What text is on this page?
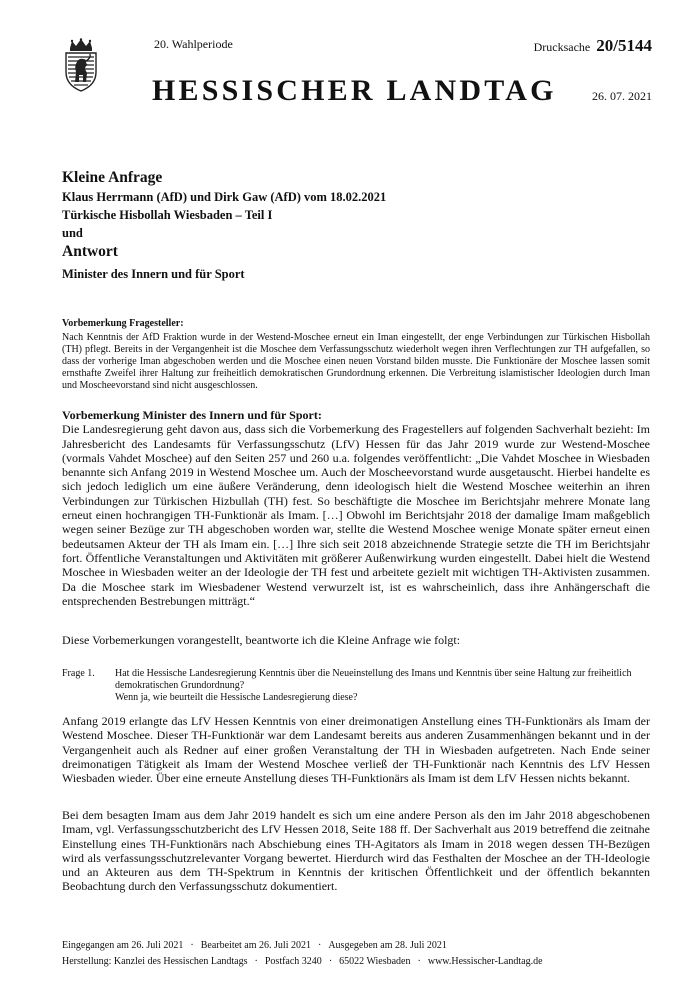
20. Wahlperiode
HESSISCHER LANDTAG
Drucksache 20/5144
26. 07. 2021
Kleine Anfrage
Klaus Herrmann (AfD) und Dirk Gaw (AfD) vom 18.02.2021
Türkische Hisbollah Wiesbaden – Teil I
und
Antwort
Minister des Innern und für Sport
Vorbemerkung Fragesteller:
Nach Kenntnis der AfD Fraktion wurde in der Westend-Moschee erneut ein Iman eingestellt, der enge Verbindungen zur Türkischen Hisbollah (TH) pflegt. Bereits in der Vergangenheit ist die Moschee dem Verfassungsschutz wiederholt wegen ihren Verflechtungen zur TH aufgefallen, so dass der vorherige Iman abgeschoben werden und die Moschee einen neuen Vorstand bilden musste. Die Funktionäre der Moschee lassen somit ernsthafte Zweifel ihrer Haltung zur freiheitlich demokratischen Grundordnung erkennen. Die Verbreitung islamistischer Ideologien durch Iman und Moscheevorstand sind nicht ausgeschlossen.
Vorbemerkung Minister des Innern und für Sport:
Die Landesregierung geht davon aus, dass sich die Vorbemerkung des Fragestellers auf folgenden Sachverhalt bezieht: Im Jahresbericht des Landesamts für Verfassungsschutz (LfV) Hessen für das Jahr 2019 wurde zur Westend-Moschee (vormals Vahdet Moschee) auf den Seiten 257 und 260 u.a. folgendes veröffentlicht: „Die Vahdet Moschee in Wiesbaden benannte sich Anfang 2019 in Westend Moschee um. Auch der Moscheevorstand wurde ausgetauscht. Hierbei handelte es sich jedoch lediglich um eine äußere Veränderung, denn ideologisch hielt die Westend Moschee weiterhin an ihren Verbindungen zur Türkischen Hizbullah (TH) fest. So beschäftigte die Moschee im Berichtsjahr mehrere Monate lang erneut einen hochrangigen TH-Funktionär als Imam. […] Obwohl im Berichtsjahr 2018 der damalige Imam maßgeblich wegen seiner Bezüge zur TH abgeschoben worden war, stellte die Westend Moschee wenige Monate später erneut einen bedeutsamen Akteur der TH als Imam ein. […] Ihre sich seit 2018 abzeichnende Strategie setzte die TH im Berichtsjahr fort. Öffentliche Veranstaltungen und Aktivitäten mit größerer Außenwirkung wurden eingestellt. Dabei hielt die Westend Moschee in Wiesbaden weiter an der Ideologie der TH fest und arbeitete gezielt mit wichtigen TH-Aktivisten zusammen. Da die Moschee stark im Wiesbadener Westend verwurzelt ist, ist es wahrscheinlich, dass ihre Anhängerschaft die entsprechenden Bestrebungen mitträgt.“
Diese Vorbemerkungen vorangestellt, beantworte ich die Kleine Anfrage wie folgt:
Frage 1.	Hat die Hessische Landesregierung Kenntnis über die Neueinstellung des Imans und Kenntnis über seine Haltung zur freiheitlich demokratischen Grundordnung?
Wenn ja, wie beurteilt die Hessische Landesregierung diese?
Anfang 2019 erlangte das LfV Hessen Kenntnis von einer dreimonatigen Anstellung eines TH-Funktionärs als Imam der Westend Moschee. Dieser TH-Funktionär war dem Landesamt bereits aus anderen Zusammenhängen bekannt und in der Vergangenheit auch als Redner auf einer großen Veranstaltung der TH in Wiesbaden aufgetreten. Nach Ende seiner dreimonatigen Tätigkeit als Imam der Westend Moschee verließ der TH-Funktionär nach Kenntnis des LfV Hessen Wiesbaden wieder. Über eine erneute Anstellung dieses TH-Funktionärs als Imam ist dem LfV Hessen nichts bekannt.
Bei dem besagten Imam aus dem Jahr 2019 handelt es sich um eine andere Person als den im Jahr 2018 abgeschobenen Imam, vgl. Verfassungsschutzbericht des LfV Hessen 2018, Seite 188 ff. Der Sachverhalt aus 2019 betreffend die zeitnahe Einstellung eines TH-Funktionärs nach Abschiebung eines TH-Agitators als Imam in 2018 wegen dessen TH-Bezügen wird als verfassungsschutzrelevanter Vorgang bewertet. Hierdurch wird das Festhalten der Moschee an der TH-Ideologie und an Akteuren aus dem TH-Spektrum in Kenntnis der kritischen Öffentlichkeit und der öffentlich bekannten Beobachtung durch den Verfassungsschutz dokumentiert.
Eingegangen am 26. Juli 2021 · Bearbeitet am 26. Juli 2021 · Ausgegeben am 28. Juli 2021
Herstellung: Kanzlei des Hessischen Landtags · Postfach 3240 · 65022 Wiesbaden · www.Hessischer-Landtag.de
